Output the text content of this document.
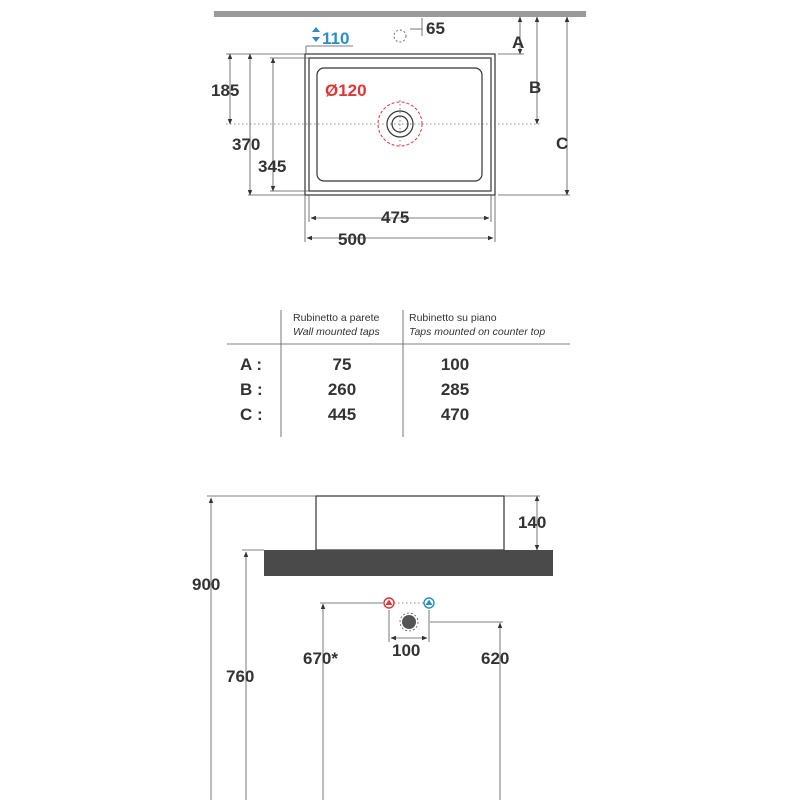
110
65
A
B
C
185
370
345
Ø120
475
500
Rubinetto a parete
Wall mounted taps
Rubinetto su piano
Taps mounted on counter top
A :	75	100
B :	260	285
C :	445	470
140
900
760
670*	100	620
